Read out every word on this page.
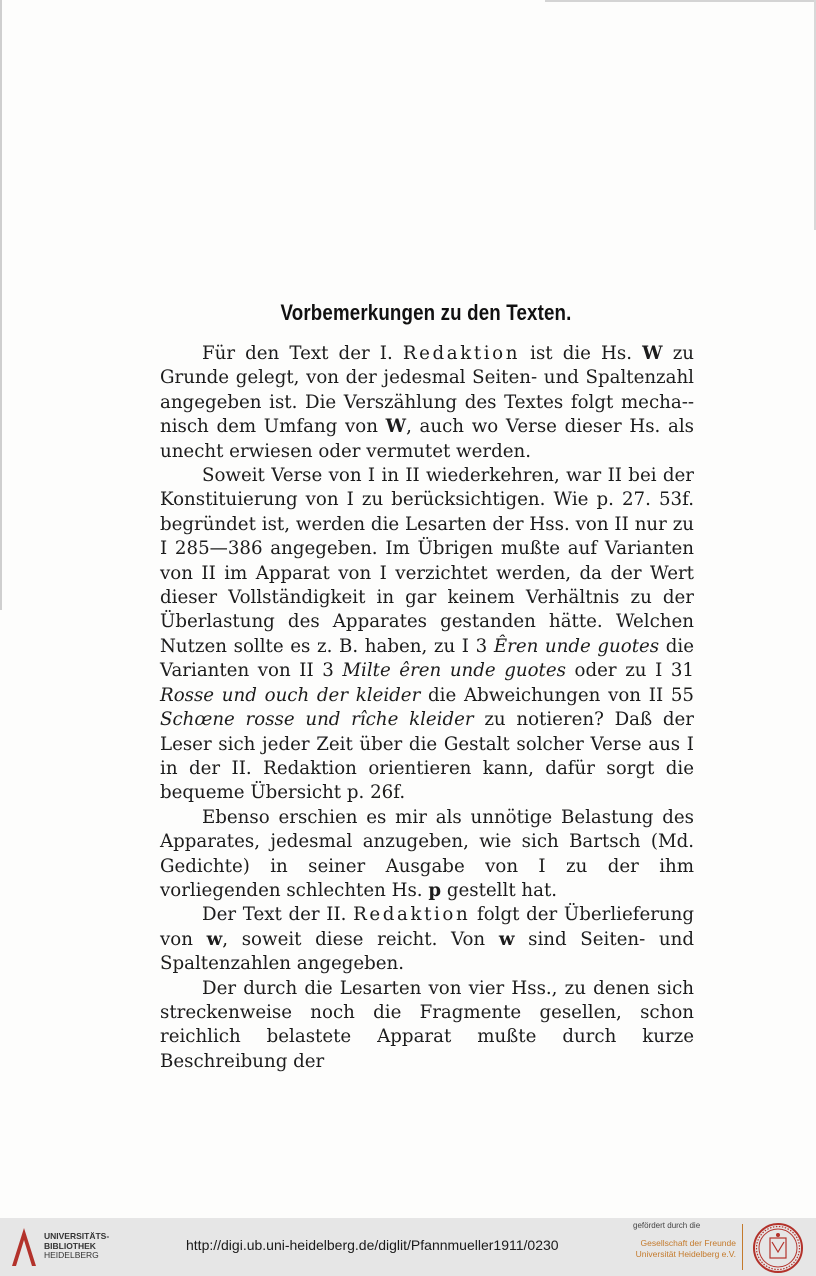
Vorbemerkungen zu den Texten.

Für den Text der I. Redaktion ist die Hs. W zu Grunde gelegt, von der jedesmal Seiten- und Spaltenzahl angegeben ist. Die Verszählung des Textes folgt mecha-nisch dem Umfang von W, auch wo Verse dieser Hs. als unecht erwiesen oder vermutet werden.

Soweit Verse von I in II wiederkehren, war II bei der Konstituierung von I zu berücksichtigen. Wie p. 27. 53f. begründet ist, werden die Lesarten der Hss. von II nur zu I 285—386 angegeben. Im Übrigen mußte auf Varianten von II im Apparat von I verzichtet werden, da der Wert dieser Vollständigkeit in gar keinem Verhältnis zu der Überlastung des Apparates gestanden hätte. Welchen Nutzen sollte es z. B. haben, zu I 3 Êren unde guotes die Varianten von II 3 Milte êren unde guotes oder zu I 31 Rosse und ouch der kleider die Abweichungen von II 55 Schœne rosse und rîche kleider zu notieren? Daß der Leser sich jeder Zeit über die Gestalt solcher Verse aus I in der II. Redaktion orientieren kann, dafür sorgt die bequeme Übersicht p. 26f.

Ebenso erschien es mir als unnötige Belastung des Apparates, jedesmal anzugeben, wie sich Bartsch (Md. Gedichte) in seiner Ausgabe von I zu der ihm vorliegenden schlechten Hs. p gestellt hat.

Der Text der II. Redaktion folgt der Überlieferung von w, soweit diese reicht. Von w sind Seiten- und Spaltenzahlen angegeben.

Der durch die Lesarten von vier Hss., zu denen sich streckenweise noch die Fragmente gesellen, schon reichlich belastete Apparat mußte durch kurze Beschreibung der

UNIVERSITÄTS-
BIBLIOTHEK
HEIDELBERG
http://digi.ub.uni-heidelberg.de/diglit/Pfannmueller1911/0230
gefördert durch die
Gesellschaft der Freunde
Universität Heidelberg e.V.
